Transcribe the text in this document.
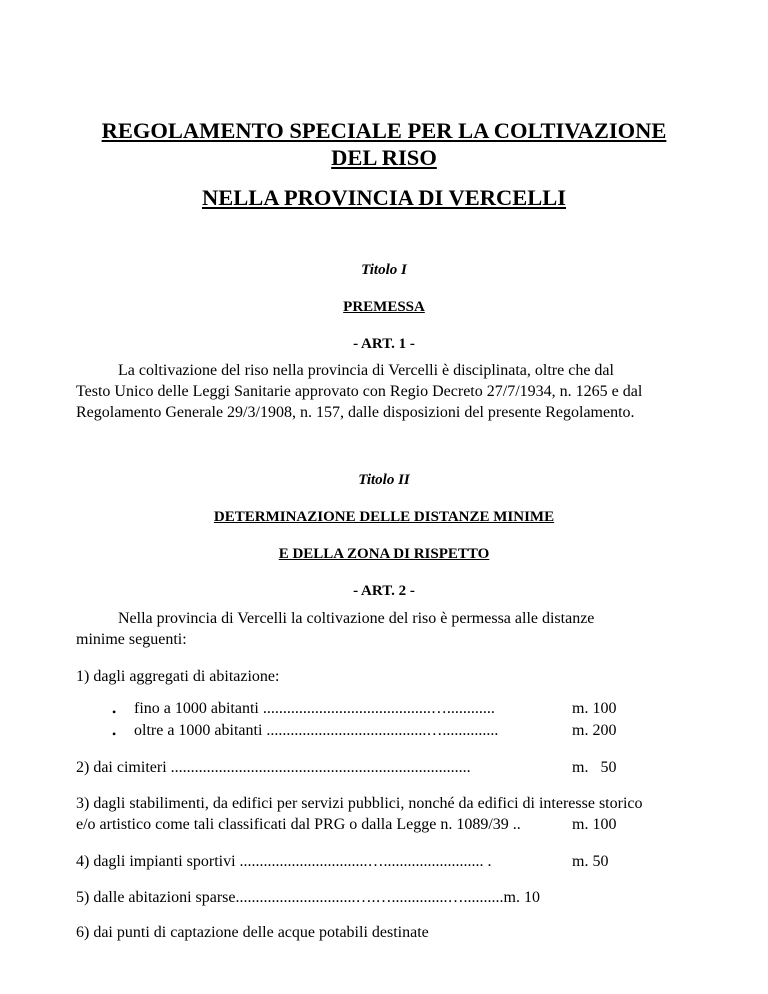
REGOLAMENTO SPECIALE PER LA COLTIVAZIONE
DEL RISO
NELLA PROVINCIA DI VERCELLI
Titolo I
PREMESSA
- ART. 1 -
La coltivazione del riso nella provincia di Vercelli è disciplinata, oltre che dal
Testo Unico delle Leggi Sanitarie approvato con Regio Decreto 27/7/1934, n. 1265 e dal
Regolamento Generale 29/3/1908, n. 157, dalle disposizioni del presente Regolamento.
Titolo II
DETERMINAZIONE DELLE DISTANZE MINIME
E DELLA ZONA DI RISPETTO
- ART. 2 -
Nella provincia di Vercelli la coltivazione del riso è permessa alle distanze
minime seguenti:
1) dagli aggregati di abitazione:
• fino a 1000 abitanti ..........................................…............	m. 100
• oltre a 1000 abitanti ........................................…..............	m. 200
2) dai cimiteri ...........................................................................	m.   50
3) dagli stabilimenti, da edifici per servizi pubblici, nonché da edifici di interesse storico
e/o artistico come tali classificati dal PRG o dalla Legge n. 1089/39 ..	m. 100
4) dagli impianti sportivi ................................…......................... .	m. 50
5) dalle abitazioni sparse..............................….…..............…..........m. 10
6) dai punti di captazione delle acque potabili destinate
